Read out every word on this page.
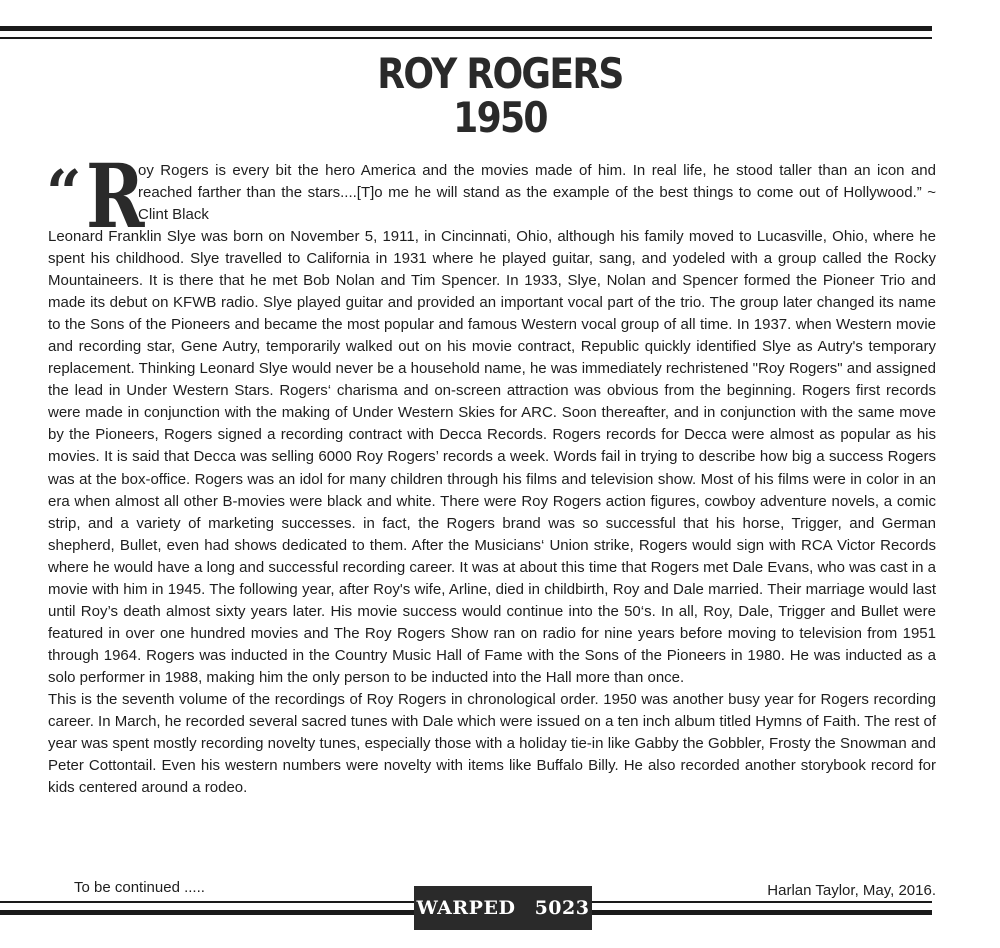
ROY ROGERS
1950
“ R
oy Rogers is every bit the hero America and the movies made of him. In real life, he stood taller than an icon and reached farther than the stars....[T]o me he will stand as the example of the best things to come out of Hollywood.” ~ Clint Black

Leonard Franklin Slye was born on November 5, 1911, in Cincinnati, Ohio, although his family moved to Lucasville, Ohio, where he spent his childhood. Slye travelled to California in 1931 where he played guitar, sang, and yodeled with a group called the Rocky Mountaineers. It is there that he met Bob Nolan and Tim Spencer. In 1933, Slye, Nolan and Spencer formed the Pioneer Trio and made its debut on KFWB radio. Slye played guitar and provided an important vocal part of the trio. The group later changed its name to the Sons of the Pioneers and became the most popular and famous Western vocal group of all time. In 1937. when Western movie and recording star, Gene Autry, temporarily walked out on his movie contract, Republic quickly identified Slye as Autry's temporary replacement. Thinking Leonard Slye would never be a household name, he was immediately rechristened "Roy Rogers" and assigned the lead in Under Western Stars. Rogers‘ charisma and on-screen attraction was obvious from the beginning. Rogers first records were made in conjunction with the making of Under Western Skies for ARC. Soon thereafter, and in conjunction with the same move by the Pioneers, Rogers signed a recording contract with Decca Records. Rogers records for Decca were almost as popular as his movies. It is said that Decca was selling 6000 Roy Rogers’ records a week. Words fail in trying to describe how big a success Rogers was at the box-office. Rogers was an idol for many children through his films and television show. Most of his films were in color in an era when almost all other B-movies were black and white. There were Roy Rogers action figures, cowboy adventure novels, a comic strip, and a variety of marketing successes. in fact, the Rogers brand was so successful that his horse, Trigger, and German shepherd, Bullet, even had shows dedicated to them. After the Musicians‘ Union strike, Rogers would sign with RCA Victor Records where he would have a long and successful recording career. It was at about this time that Rogers met Dale Evans, who was cast in a movie with him in 1945. The following year, after Roy's wife, Arline, died in childbirth, Roy and Dale married. Their marriage would last until Roy’s death almost sixty years later. His movie success would continue into the 50‘s. In all, Roy, Dale, Trigger and Bullet were featured in over one hundred movies and The Roy Rogers Show ran on radio for nine years before moving to television from 1951 through 1964. Rogers was inducted in the Country Music Hall of Fame with the Sons of the Pioneers in 1980. He was inducted as a solo performer in 1988, making him the only person to be inducted into the Hall more than once.

This is the seventh volume of the recordings of Roy Rogers in chronological order. 1950 was another busy year for Rogers recording career. In March, he recorded several sacred tunes with Dale which were issued on a ten inch album titled Hymns of Faith. The rest of year was spent mostly recording novelty tunes, especially those with a holiday tie-in like Gabby the Gobbler, Frosty the Snowman and Peter Cottontail. Even his western numbers were novelty with items like Buffalo Billy. He also recorded another storybook record for kids centered around a rodeo.

To be continued .....	Harlan Taylor, May, 2016.
WARPED 5023
